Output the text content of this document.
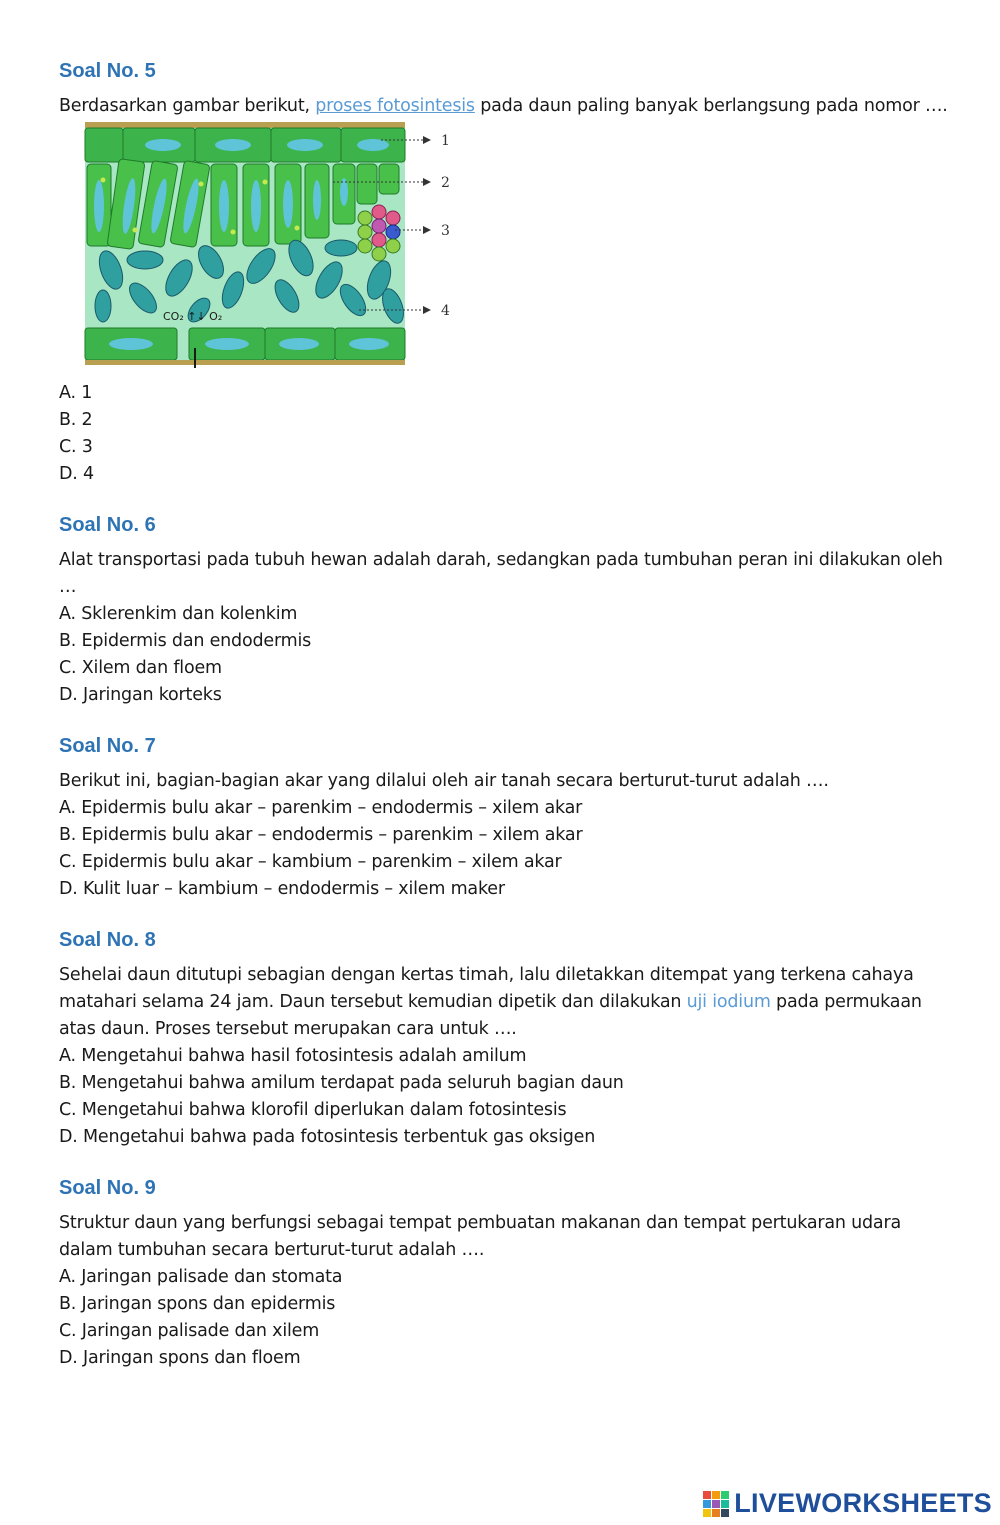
Soal No. 5

Berdasarkan gambar berikut, proses fotosintesis pada daun paling banyak berlangsung pada nomor ….

CO₂ ↑↓ O₂
1
2
3
4

A. 1

B. 2

C. 3

D. 4

Soal No. 6

Alat transportasi pada tubuh hewan adalah darah, sedangkan pada tumbuhan peran ini dilakukan oleh …

A. Sklerenkim dan kolenkim

B. Epidermis dan endodermis

C. Xilem dan floem

D. Jaringan korteks

Soal No. 7

Berikut ini, bagian-bagian akar yang dilalui oleh air tanah secara berturut-turut adalah ….

A. Epidermis bulu akar – parenkim – endodermis – xilem akar

B. Epidermis bulu akar – endodermis – parenkim – xilem akar

C. Epidermis bulu akar – kambium – parenkim – xilem akar

D. Kulit luar – kambium – endodermis – xilem maker

Soal No. 8

Sehelai daun ditutupi sebagian dengan kertas timah, lalu diletakkan ditempat yang terkena cahaya matahari selama 24 jam. Daun tersebut kemudian dipetik dan dilakukan uji iodium pada permukaan atas daun. Proses tersebut merupakan cara untuk ….

A. Mengetahui bahwa hasil fotosintesis adalah amilum

B. Mengetahui bahwa amilum terdapat pada seluruh bagian daun

C. Mengetahui bahwa klorofil diperlukan dalam fotosintesis

D. Mengetahui bahwa pada fotosintesis terbentuk gas oksigen

Soal No. 9

Struktur daun yang berfungsi sebagai tempat pembuatan makanan dan tempat pertukaran udara dalam tumbuhan secara berturut-turut adalah ….

A. Jaringan palisade dan stomata

B. Jaringan spons dan epidermis

C. Jaringan palisade dan xilem

D. Jaringan spons dan floem

LIVEWORKSHEETS
